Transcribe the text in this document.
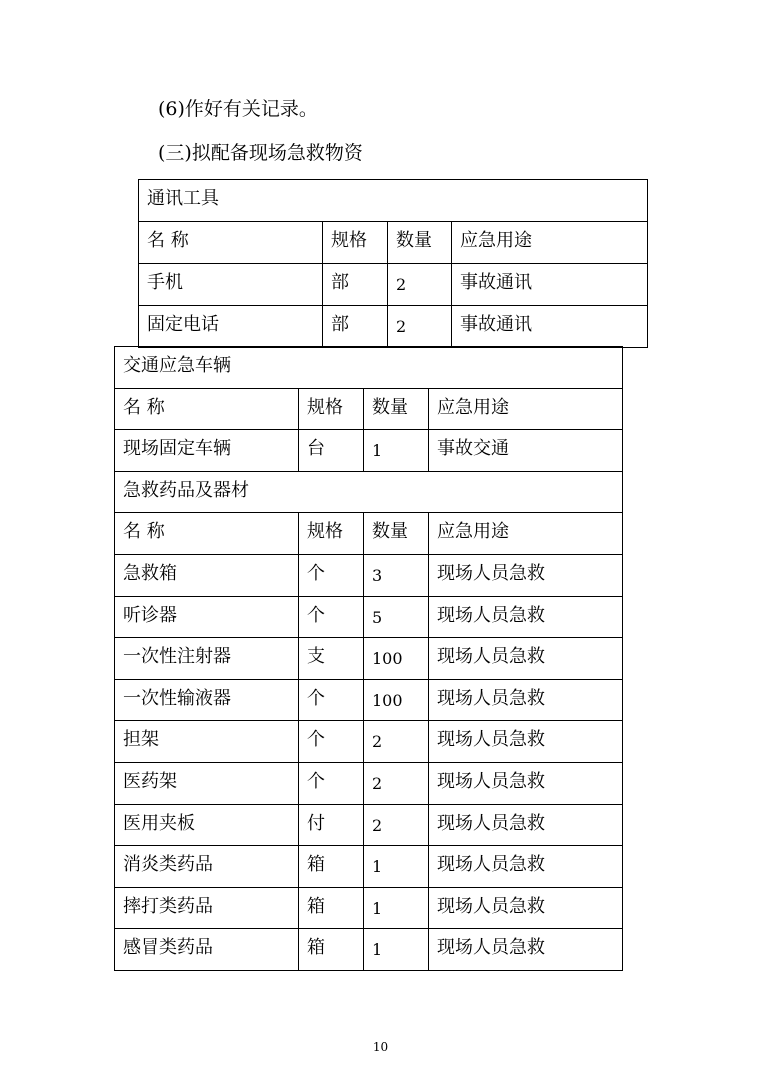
(6)作好有关记录。
(三)拟配备现场急救物资
通讯工具			
名 称	规格	数量	应急用途
手机	部	2	事故通讯
固定电话	部	2	事故通讯
交通应急车辆			
名 称	规格	数量	应急用途
现场固定车辆	台	1	事故交通
急救药品及器材			
名 称	规格	数量	应急用途
急救箱	个	3	现场人员急救
听诊器	个	5	现场人员急救
一次性注射器	支	100	现场人员急救
一次性输液器	个	100	现场人员急救
担架	个	2	现场人员急救
医药架	个	2	现场人员急救
医用夹板	付	2	现场人员急救
消炎类药品	箱	1	现场人员急救
摔打类药品	箱	1	现场人员急救
感冒类药品	箱	1	现场人员急救
10
